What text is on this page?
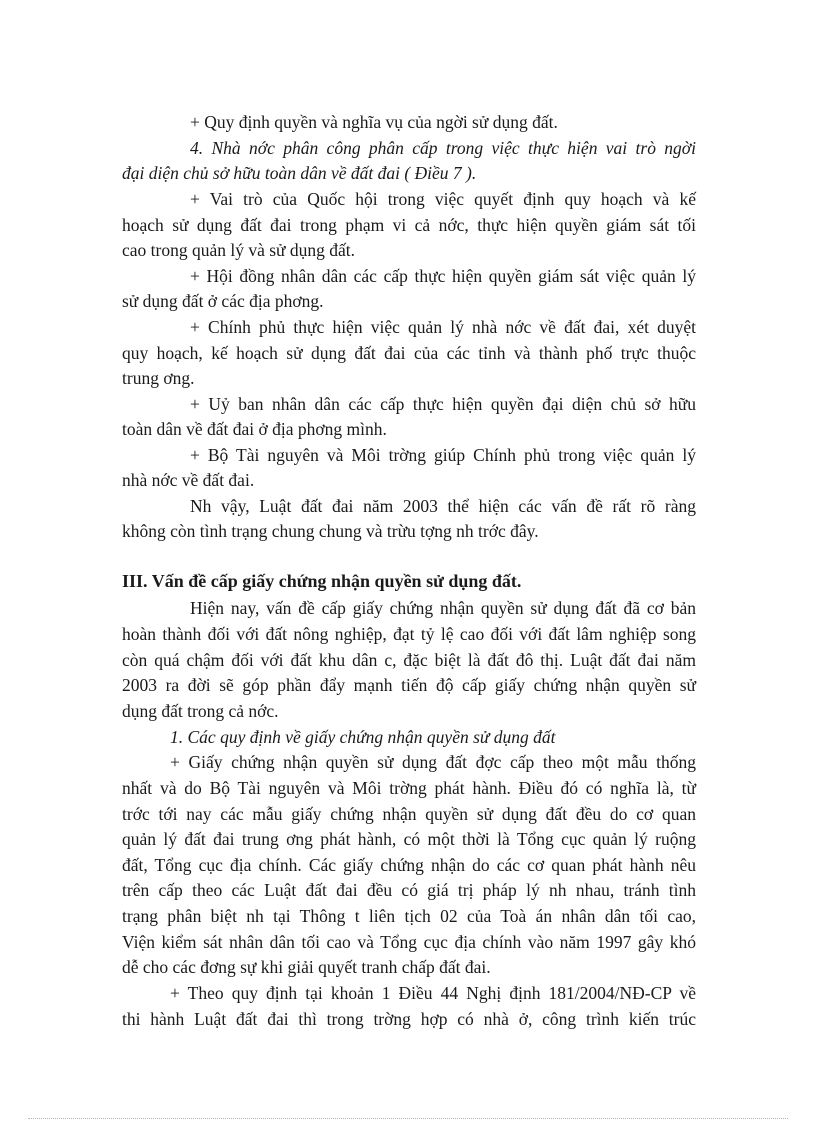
+ Quy định quyền và nghĩa vụ của ngời sử dụng đất.
4. Nhà nớc phân công phân cấp trong việc thực hiện vai trò ngời
đại diện chủ sở hữu toàn dân về đất đai ( Điều 7 ).
+ Vai trò của Quốc hội trong việc quyết định quy hoạch và kế
hoạch sử dụng đất đai trong phạm vi cả nớc, thực hiện quyền giám sát tối
cao trong quản lý và sử dụng đất.
+ Hội đồng nhân dân các cấp thực hiện quyền giám sát việc quản lý
sử dụng đất ở các địa phơng.
+ Chính phủ thực hiện việc quản lý nhà nớc về đất đai, xét duyệt
quy hoạch, kế hoạch sử dụng đất đai của các tỉnh và thành phố trực thuộc
trung ơng.
+ Uỷ ban nhân dân các cấp thực hiện quyền đại diện chủ sở hữu
toàn dân về đất đai ở địa phơng mình.
+ Bộ Tài nguyên và Môi trờng giúp Chính phủ trong việc quản lý
nhà nớc về đất đai.
Nh vậy, Luật đất đai năm 2003 thể hiện các vấn đề rất rõ ràng
không còn tình trạng chung chung và trừu tợng nh trớc đây.
III. Vấn đề cấp giấy chứng nhận quyền sử dụng đất.
Hiện nay, vấn đề cấp giấy chứng nhận quyền sử dụng đất đã cơ bản
hoàn thành đối với đất nông nghiệp, đạt tỷ lệ cao đối với đất lâm nghiệp song
còn quá chậm đối với đất khu dân c, đặc biệt là đất đô thị. Luật đất đai năm
2003 ra đời sẽ góp phần đẩy mạnh tiến độ cấp giấy chứng nhận quyền sử
dụng đất trong cả nớc.
1. Các quy định về giấy chứng nhận quyền sử dụng đất
+ Giấy chứng nhận quyền sử dụng đất đợc cấp theo một mẫu thống
nhất và do Bộ Tài nguyên và Môi trờng phát hành. Điều đó có nghĩa là, từ
trớc tới nay các mẫu giấy chứng nhận quyền sử dụng đất đều do cơ quan
quản lý đất đai trung ơng phát hành, có một thời là Tổng cục quản lý ruộng
đất, Tổng cục địa chính. Các giấy chứng nhận do các cơ quan phát hành nêu
trên cấp theo các Luật đất đai đều có giá trị pháp lý nh nhau, tránh tình
trạng phân biệt nh tại Thông t liên tịch 02 của Toà án nhân dân tối cao,
Viện kiểm sát nhân dân tối cao và Tổng cục địa chính vào năm 1997 gây khó
dễ cho các đơng sự khi giải quyết tranh chấp đất đai.
+ Theo quy định tại khoản 1 Điều 44 Nghị định 181/2004/NĐ-CP về
thi hành Luật đất đai thì trong trờng hợp có nhà ở, công trình kiến trúc
